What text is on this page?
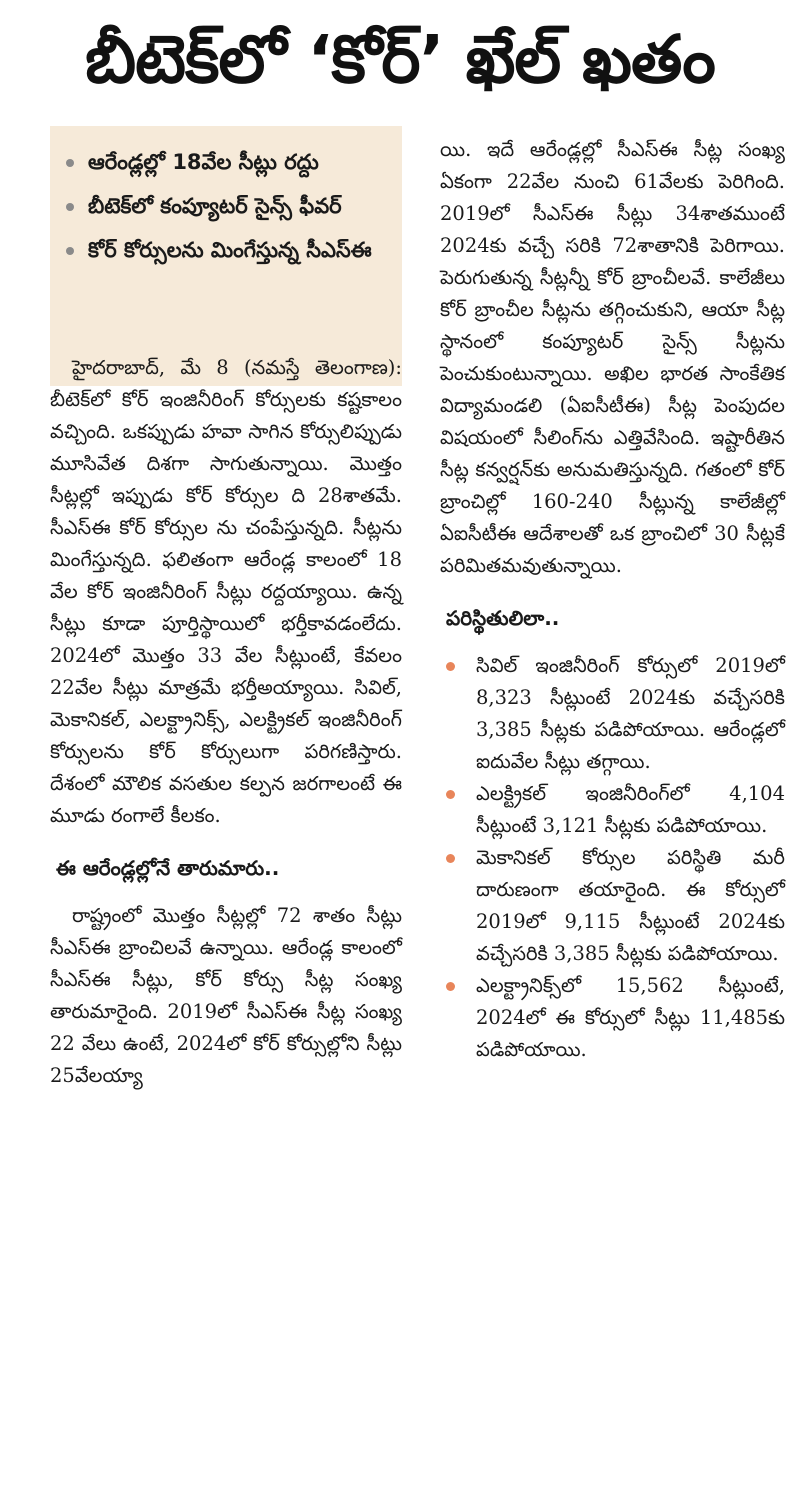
బీటెక్‌లో ‘కోర్‌’ ఖేల్‌ ఖతం
ఆరేండ్లల్లో 18వేల సీట్లు రద్దు
బీటెక్‌లో కంప్యూటర్‌ సైన్స్‌ ఫీవర్‌
కోర్‌ కోర్సులను మింగేస్తున్న సీఎస్‌ఈ

హైదరాబాద్‌, మే 8 (నమస్తే తెలంగాణ): బీటెక్‌లో కోర్‌ ఇంజినీరింగ్‌ కోర్సులకు కష్టకాలం వచ్చింది. ఒకప్పుడు హవా సాగిన కోర్సులిప్పుడు మూసివేత దిశగా సాగుతున్నాయి. మొత్తం సీట్లల్లో ఇప్పుడు కోర్‌ కోర్సుల ది 28శాతమే. సీఎస్‌ఈ కోర్‌ కోర్సుల ను చంపేస్తున్నది. సీట్లను మింగేస్తున్నది. ఫలితంగా ఆరేండ్ల కాలంలో 18 వేల కోర్‌ ఇంజినీరింగ్‌ సీట్లు రద్దయ్యాయి. ఉన్న సీట్లు కూడా పూర్తిస్థాయిలో భర్తీకావడంలేదు. 2024లో మొత్తం 33 వేల సీట్లుంటే, కేవలం 22వేల సీట్లు మాత్రమే భర్తీఅయ్యాయి. సివిల్‌, మెకానికల్‌, ఎలక్ట్రానిక్స్‌, ఎలక్ట్రికల్‌ ఇంజినీరింగ్‌ కోర్సులను కోర్‌ కోర్సులుగా పరిగణిస్తారు. దేశంలో మౌలిక వసతుల కల్పన జరగాలంటే ఈ మూడు రంగాలే కీలకం.

ఈ ఆరేండ్లల్లోనే తారుమారు..

రాష్ట్రంలో మొత్తం సీట్లల్లో 72 శాతం సీట్లు సీఎస్‌ఈ బ్రాంచిలవే ఉన్నాయి. ఆరేండ్ల కాలంలో సీఎస్‌ఈ సీట్లు, కోర్‌ కోర్సు సీట్ల సంఖ్య తారుమారైంది. 2019లో సీఎస్‌ఈ సీట్ల సంఖ్య 22 వేలు ఉంటే, 2024లో కోర్‌ కోర్సుల్లోని సీట్లు 25వేలయ్యా

యి. ఇదే ఆరేండ్లల్లో సీఎస్‌ఈ సీట్ల సంఖ్య ఏకంగా 22వేల నుంచి 61వేలకు పెరిగింది. 2019లో సీఎస్‌ఈ సీట్లు 34శాతముంటే 2024కు వచ్చే సరికి 72శాతానికి పెరిగాయి. పెరుగుతున్న సీట్లన్నీ కోర్‌ బ్రాంచీలవే. కాలేజీలు కోర్‌ బ్రాంచీల సీట్లను తగ్గించుకుని, ఆయా సీట్ల స్థానంలో కంప్యూటర్‌ సైన్స్‌ సీట్లను పెంచుకుంటున్నాయి. అఖిల భారత సాంకేతిక విద్యామండలి (ఏఐసీటీఈ) సీట్ల పెంపుదల విషయంలో సీలింగ్‌ను ఎత్తివేసింది. ఇష్టారీతిన సీట్ల కన్వర్షన్‌కు అనుమతిస్తున్నది. గతంలో కోర్‌ బ్రాంచిల్లో 160-240 సీట్లున్న కాలేజీల్లో ఏఐసీటీఈ ఆదేశాలతో ఒక బ్రాంచిలో 30 సీట్లకే పరిమితమవుతున్నాయి.

పరిస్థితులిలా..
సివిల్‌ ఇంజినీరింగ్‌ కోర్సులో 2019లో 8,323 సీట్లుంటే 2024కు వచ్చేసరికి 3,385 సీట్లకు పడిపోయాయి. ఆరేండ్లలో ఐదువేల సీట్లు తగ్గాయి.
ఎలక్ట్రికల్‌ ఇంజినీరింగ్‌లో 4,104 సీట్లుంటే 3,121 సీట్లకు పడిపోయాయి.
మెకానికల్‌ కోర్సుల పరిస్థితి మరీ దారుణంగా తయారైంది. ఈ కోర్సులో 2019లో 9,115 సీట్లుంటే 2024కు వచ్చేసరికి 3,385 సీట్లకు పడిపోయాయి.
ఎలక్ట్రానిక్స్‌లో 15,562 సీట్లుంటే, 2024లో ఈ కోర్సులో సీట్లు 11,485కు పడిపోయాయి.
